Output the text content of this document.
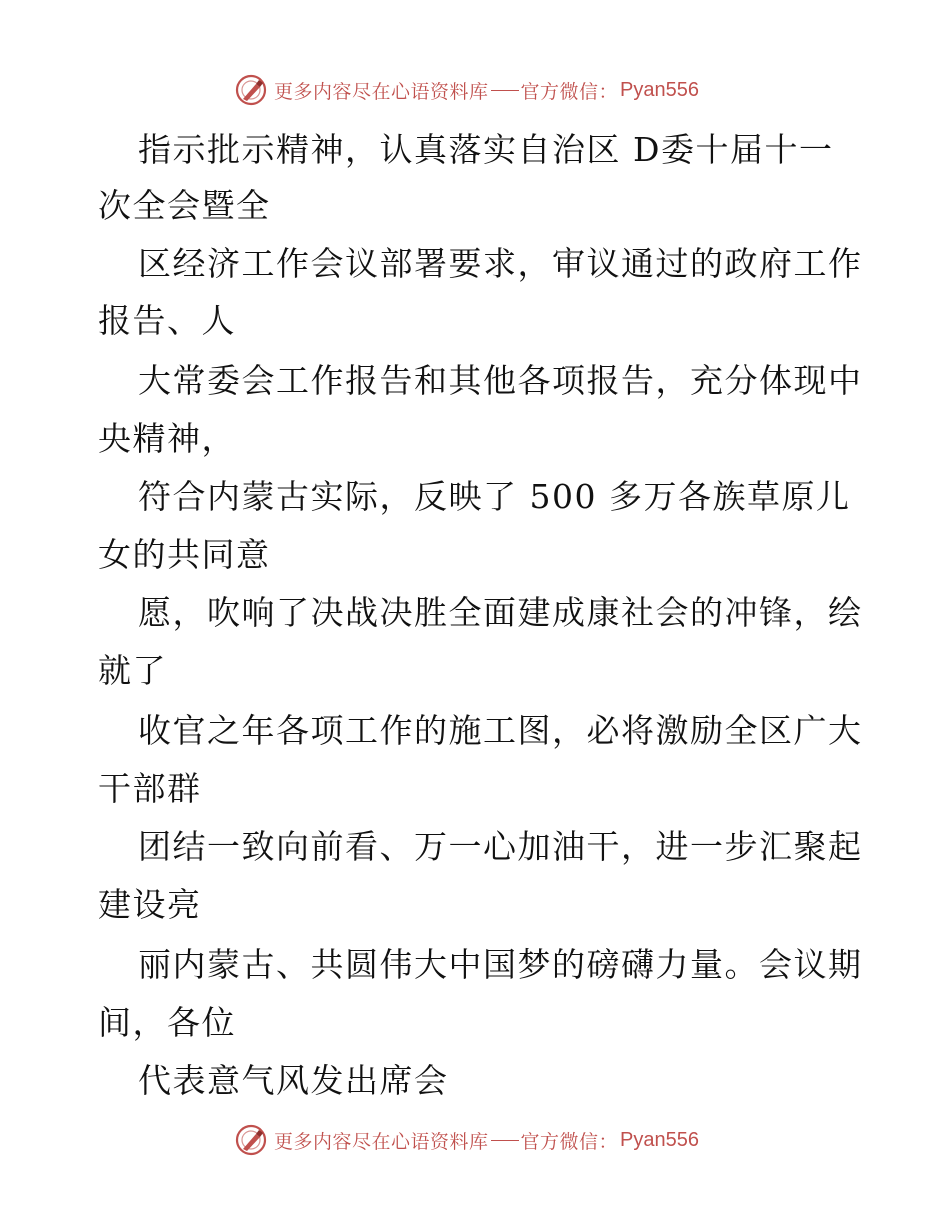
更多内容尽在心语资料库 官方微信： Pyan556
指示批示精神，认真落实自治区 D委十届十一
次全会暨全
区经济工作会议部署要求，审议通过的政府工作
报告、人
大常委会工作报告和其他各项报告，充分体现中
央精神，
符合内蒙古实际，反映了 500 多万各族草原儿
女的共同意
愿，吹响了决战决胜全面建成康社会的冲锋，绘
就了
收官之年各项工作的施工图，必将激励全区广大
干部群
团结一致向前看、万一心加油干，进一步汇聚起
建设亮
丽内蒙古、共圆伟大中国梦的磅礴力量。会议期
间，各位
代表意气风发出席会
更多内容尽在心语资料库 官方微信： Pyan556
